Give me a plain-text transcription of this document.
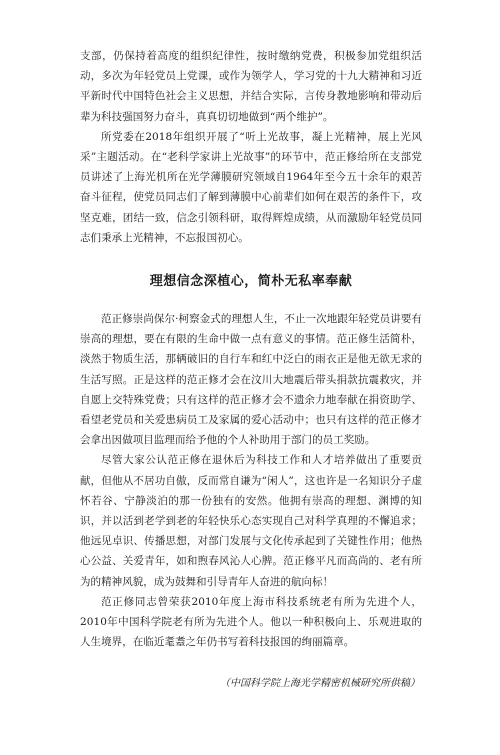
支部，仍保持着高度的组织纪律性，按时缴纳党费，积极参加党组织活动，多次为年轻党员上党课，或作为领学人，学习党的十九大精神和习近平新时代中国特色社会主义思想，并结合实际，言传身教地影响和带动后辈为科技强国努力奋斗，真真切切地做到“两个维护”。

所党委在2018年组织开展了“听上光故事，凝上光精神，展上光风采”主题活动。在“老科学家讲上光故事”的环节中，范正修给所在支部党员讲述了上海光机所在光学薄膜研究领域自1964年至今五十余年的艰苦奋斗征程，使党员同志们了解到薄膜中心前辈们如何在艰苦的条件下，攻坚克难，团结一致，信念引领科研，取得辉煌成绩，从而激励年轻党员同志们秉承上光精神，不忘报国初心。

理想信念深植心，简朴无私率奉献

范正修崇尚保尔·柯察金式的理想人生，不止一次地跟年轻党员讲要有崇高的理想，要在有限的生命中做一点有意义的事情。范正修生活简朴，淡然于物质生活，那辆破旧的自行车和红中泛白的雨衣正是他无欲无求的生活写照。正是这样的范正修才会在汶川大地震后带头捐款抗震救灾，并自愿上交特殊党费；只有这样的范正修才会不遗余力地奉献在捐资助学、看望老党员和关爱患病员工及家属的爱心活动中；也只有这样的范正修才会拿出因做项目监理而给予他的个人补助用于部门的员工奖励。

尽管大家公认范正修在退休后为科技工作和人才培养做出了重要贡献，但他从不居功自傲，反而常自谦为“闲人”，这也许是一名知识分子虚怀若谷、宁静淡泊的那一份独有的安然。他拥有崇高的理想、渊博的知识，并以活到老学到老的年轻快乐心态实现自己对科学真理的不懈追求；他远见卓识、传播思想，对部门发展与文化传承起到了关键性作用；他热心公益、关爱青年，如和煦春风沁人心脾。范正修平凡而高尚的、老有所为的精神风貌，成为鼓舞和引导青年人奋进的航向标！

范正修同志曾荣获2010年度上海市科技系统老有所为先进个人，2010年中国科学院老有所为先进个人。他以一种积极向上、乐观进取的人生境界，在临近耄耋之年仍书写着科技报国的绚丽篇章。

（中国科学院上海光学精密机械研究所供稿）
